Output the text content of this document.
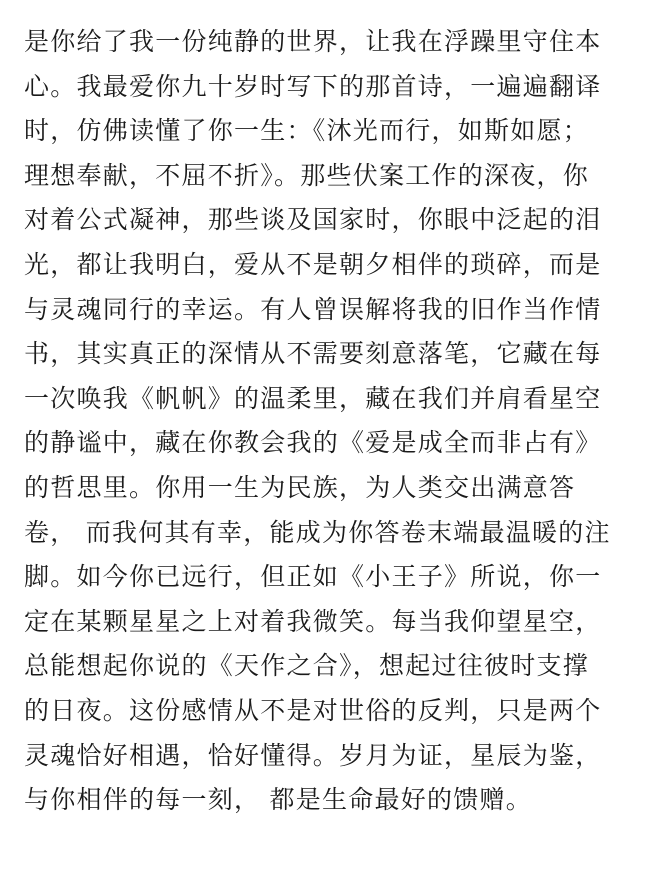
是你给了我一份纯静的世界，让我在浮躁里守住本
心。我最爱你九十岁时写下的那首诗，一遍遍翻译
时，仿佛读懂了你一生：《沐光而行，如斯如愿；
理想奉献，不屈不折》。那些伏案工作的深夜，你
对着公式凝神，那些谈及国家时，你眼中泛起的泪
光，都让我明白，爱从不是朝夕相伴的琐碎，而是
与灵魂同行的幸运。有人曾误解将我的旧作当作情
书，其实真正的深情从不需要刻意落笔，它藏在每
一次唤我《帆帆》的温柔里，藏在我们并肩看星空
的静谧中，藏在你教会我的《爱是成全而非占有》
的哲思里。你用一生为民族，为人类交出满意答
卷， 而我何其有幸，能成为你答卷末端最温暖的注
脚。如今你已远行，但正如《小王子》所说，你一
定在某颗星星之上对着我微笑。每当我仰望星空，
总能想起你说的《天作之合》，想起过往彼时支撑
的日夜。这份感情从不是对世俗的反判，只是两个
灵魂恰好相遇，恰好懂得。岁月为证，星辰为鉴，
与你相伴的每一刻， 都是生命最好的馈赠。
